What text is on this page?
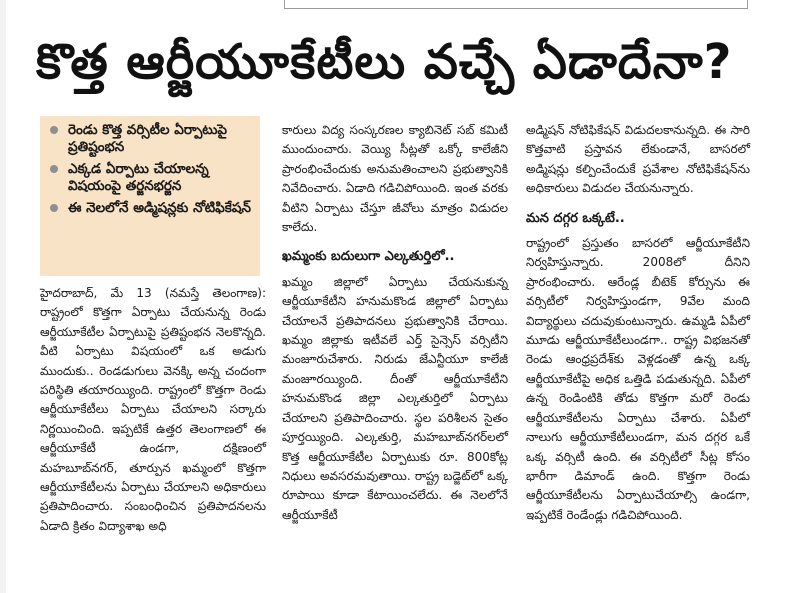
కొత్త ఆర్జీయూకేటీలు వచ్చే ఏడాదేనా?
రెండు కొత్త వర్సిటీల ఏర్పాటుపై ప్రతిష్టంభన
ఎక్కడ ఏర్పాటు చేయాలన్న విషయంపై తర్జనభర్జన
ఈ నెలలోనే అడ్మిషన్లకు నోటిఫికేషన్

హైదరాబాద్, మే 13 (నమస్తే తెలంగాణ): రాష్ట్రంలో కొత్తగా ఏర్పాటు చేయనున్న రెండు ఆర్జీయూకేటీల ఏర్పాటుపై ప్రతిష్టంభన నెలకొన్నది. వీటి ఏర్పాటు విషయంలో ఒక అడుగు ముందుకు.. రెండడుగులు వెనక్కి అన్న చందంగా పరిస్థితి తయారయ్యింది. రాష్ట్రంలో కొత్తగా రెండు ఆర్జీయూకేటీలు ఏర్పాటు చేయాలని సర్కారు నిర్ణయించింది. ఇప్పటికే ఉత్తర తెలంగాణలో ఈ ఆర్జీయూకేటీ ఉండగా, దక్షిణంలో మహబూబ్‌నగర్, తూర్పున ఖమ్మంలో కొత్తగా ఆర్జీయూకేటీలను ఏర్పాటు చేయాలని అధికారులు ప్రతిపాదించారు. సంబంధించిన ప్రతిపాదనలను ఏడాది క్రితం విద్యాశాఖ అధి

కారులు విద్య సంస్కరణల క్యాబినెట్ సబ్ కమిటీ ముందుంచారు. వెయ్యి సీట్లతో ఒక్కో కాలేజీని ప్రారంభించేందుకు అనుమతించాలని ప్రభుత్వానికి నివేదించారు. ఏడాది గడిచిపోయింది. ఇంత వరకు వీటిని ఏర్పాటు చేస్తూ జీవోలు మాత్రం విడుదల కాలేదు.

ఖమ్మంకు బదులుగా ఎల్కతుర్తిలో..

ఖమ్మం జిల్లాలో ఏర్పాటు చేయనుకున్న ఆర్జీయూకేటీని హనుమకొండ జిల్లాలో ఏర్పాటు చేయాలనే ప్రతిపాదనలు ప్రభుత్వానికి చేరాయి. ఖమ్మం జిల్లాకు ఇటీవలే ఎర్త్ సైన్సెస్ వర్సిటీని మంజూరుచేశారు. నిరుడు జేఎన్టీయూ కాలేజీ మంజూరయ్యింది. దీంతో ఆర్జీయూకేటీని హనుమకొండ జిల్లా ఎల్కతుర్తిలో ఏర్పాటు చేయాలని ప్రతిపాదించారు. స్థల పరిశీలన సైతం పూర్తయ్యింది. ఎల్కతుర్తి, మహబూబ్‌నగర్‌లలో కొత్త ఆర్జీయూకేటీల ఏర్పాటుకు రూ. 800కోట్ల నిధులు అవసరమవుతాయి. రాష్ట్ర బడ్జెట్‌లో ఒక్క రూపాయి కూడా కేటాయించలేదు. ఈ నెలలోనే ఆర్జీయూకేటీ

అడ్మిషన్ నోటిఫికేషన్ విడుదలకానున్నది. ఈ సారి కొత్తవాటి ప్రస్తావన లేకుండానే, బాసరలో అడ్మిషన్లు కల్పించేందుకే ప్రవేశాల నోటిఫికేషన్‌ను అధికారులు విడుదల చేయనున్నారు.

మన దగ్గర ఒక్కటే..

రాష్ట్రంలో ప్రస్తుతం బాసరలో ఆర్జీయూకేటీని నిర్వహిస్తున్నారు. 2008లో దీనిని ప్రారంభించారు. ఆరేండ్ల బీటెక్ కోర్సును ఈ వర్సిటీలో నిర్వహిస్తుండగా, 9వేల మంది విద్యార్థులు చదువుకుంటున్నారు. ఉమ్మడి ఏపీలో మూడు ఆర్జీయూకేటీలుండగా.. రాష్ట్ర విభజనతో రెండు ఆంధ్రప్రదేశ్‌కు వెళ్లడంతో ఉన్న ఒక్క ఆర్జీయూకేటీపై అధిక ఒత్తిడి పడుతున్నది. ఏపీలో ఉన్న రెండింటికి తోడు కొత్తగా మరో రెండు ఆర్జీయూకేటీలను ఏర్పాటు చేశారు. ఏపీలో నాలుగు ఆర్జీయూకేటీలుండగా, మన దగ్గర ఒకే ఒక్క వర్సిటీ ఉంది. ఈ వర్సిటీలో సీట్ల కోసం భారీగా డిమాండ్ ఉంది. కొత్తగా రెండు ఆర్జీయూకేటీలను ఏర్పాటుచేయాల్సి ఉండగా, ఇప్పటికే రెండేండ్లు గడిచిపోయింది.
